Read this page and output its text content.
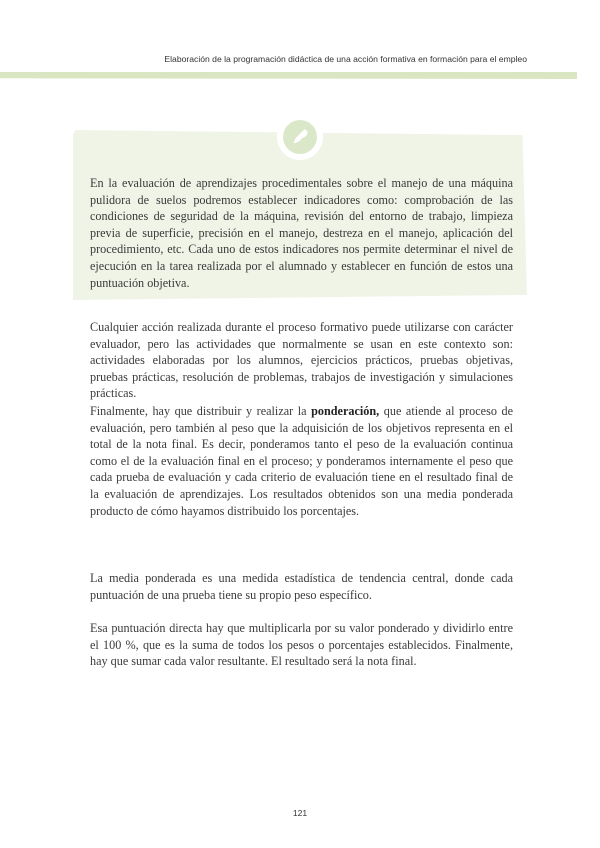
Elaboración de la programación didáctica de una acción formativa en formación para el empleo
En la evaluación de aprendizajes procedimentales sobre el manejo de una máquina pulidora de suelos podremos establecer indicadores como: comprobación de las condiciones de seguridad de la máquina, revisión del entorno de trabajo, limpieza previa de superficie, precisión en el manejo, destreza en el manejo, aplicación del procedimiento, etc. Cada uno de estos indicadores nos permite determinar el nivel de ejecución en la tarea realizada por el alumnado y establecer en función de estos una puntuación objetiva.

Cualquier acción realizada durante el proceso formativo puede utilizarse con carácter evaluador, pero las actividades que normalmente se usan en este contexto son: actividades elaboradas por los alumnos, ejercicios prácticos, pruebas objetivas, pruebas prácticas, resolución de problemas, trabajos de investigación y simulaciones prácticas.

Finalmente, hay que distribuir y realizar la ponderación, que atiende al proceso de evaluación, pero también al peso que la adquisición de los objetivos representa en el total de la nota final. Es decir, ponderamos tanto el peso de la evaluación continua como el de la evaluación final en el proceso; y ponderamos internamente el peso que cada prueba de evaluación y cada criterio de evaluación tiene en el resultado final de la evaluación de aprendizajes. Los resultados obtenidos son una media ponderada producto de cómo hayamos distribuido los porcentajes.

La media ponderada es una medida estadística de tendencia central, donde cada puntuación de una prueba tiene su propio peso específico.

Esa puntuación directa hay que multiplicarla por su valor ponderado y dividirlo entre el 100 %, que es la suma de todos los pesos o porcentajes establecidos. Finalmente, hay que sumar cada valor resultante. El resultado será la nota final.

121
